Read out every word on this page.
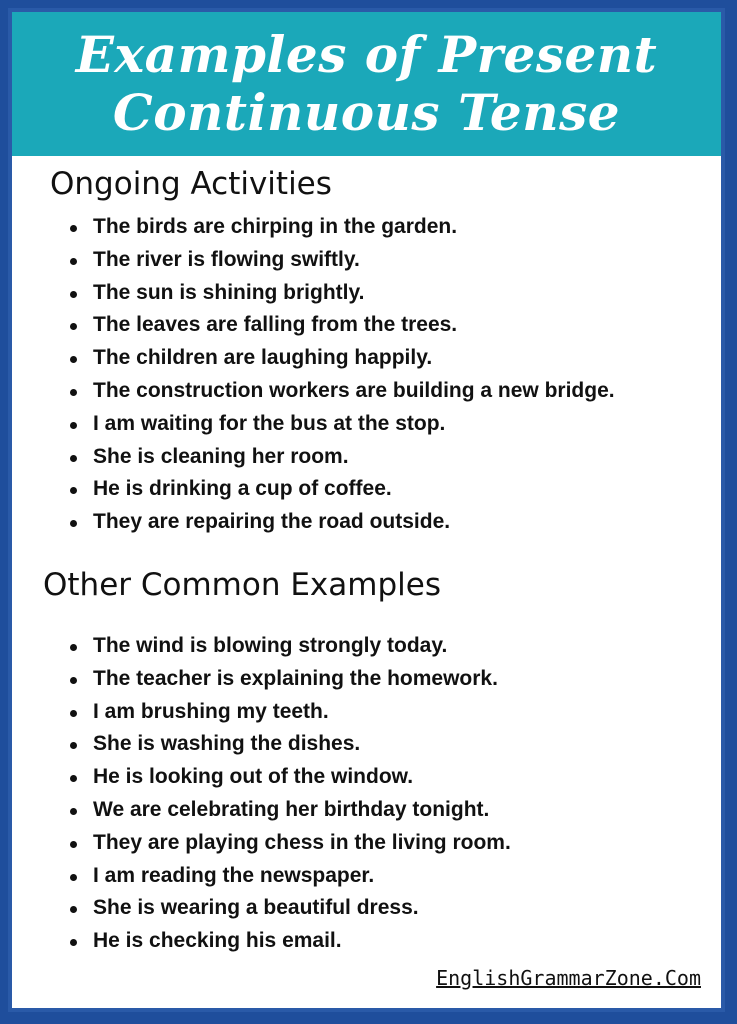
Examples of Present
Continuous Tense
Ongoing Activities
The birds are chirping in the garden.
The river is flowing swiftly.
The sun is shining brightly.
The leaves are falling from the trees.
The children are laughing happily.
The construction workers are building a new bridge.
I am waiting for the bus at the stop.
She is cleaning her room.
He is drinking a cup of coffee.
They are repairing the road outside.
Other Common Examples
The wind is blowing strongly today.
The teacher is explaining the homework.
I am brushing my teeth.
She is washing the dishes.
He is looking out of the window.
We are celebrating her birthday tonight.
They are playing chess in the living room.
I am reading the newspaper.
She is wearing a beautiful dress.
He is checking his email.
EnglishGrammarZone.Com
